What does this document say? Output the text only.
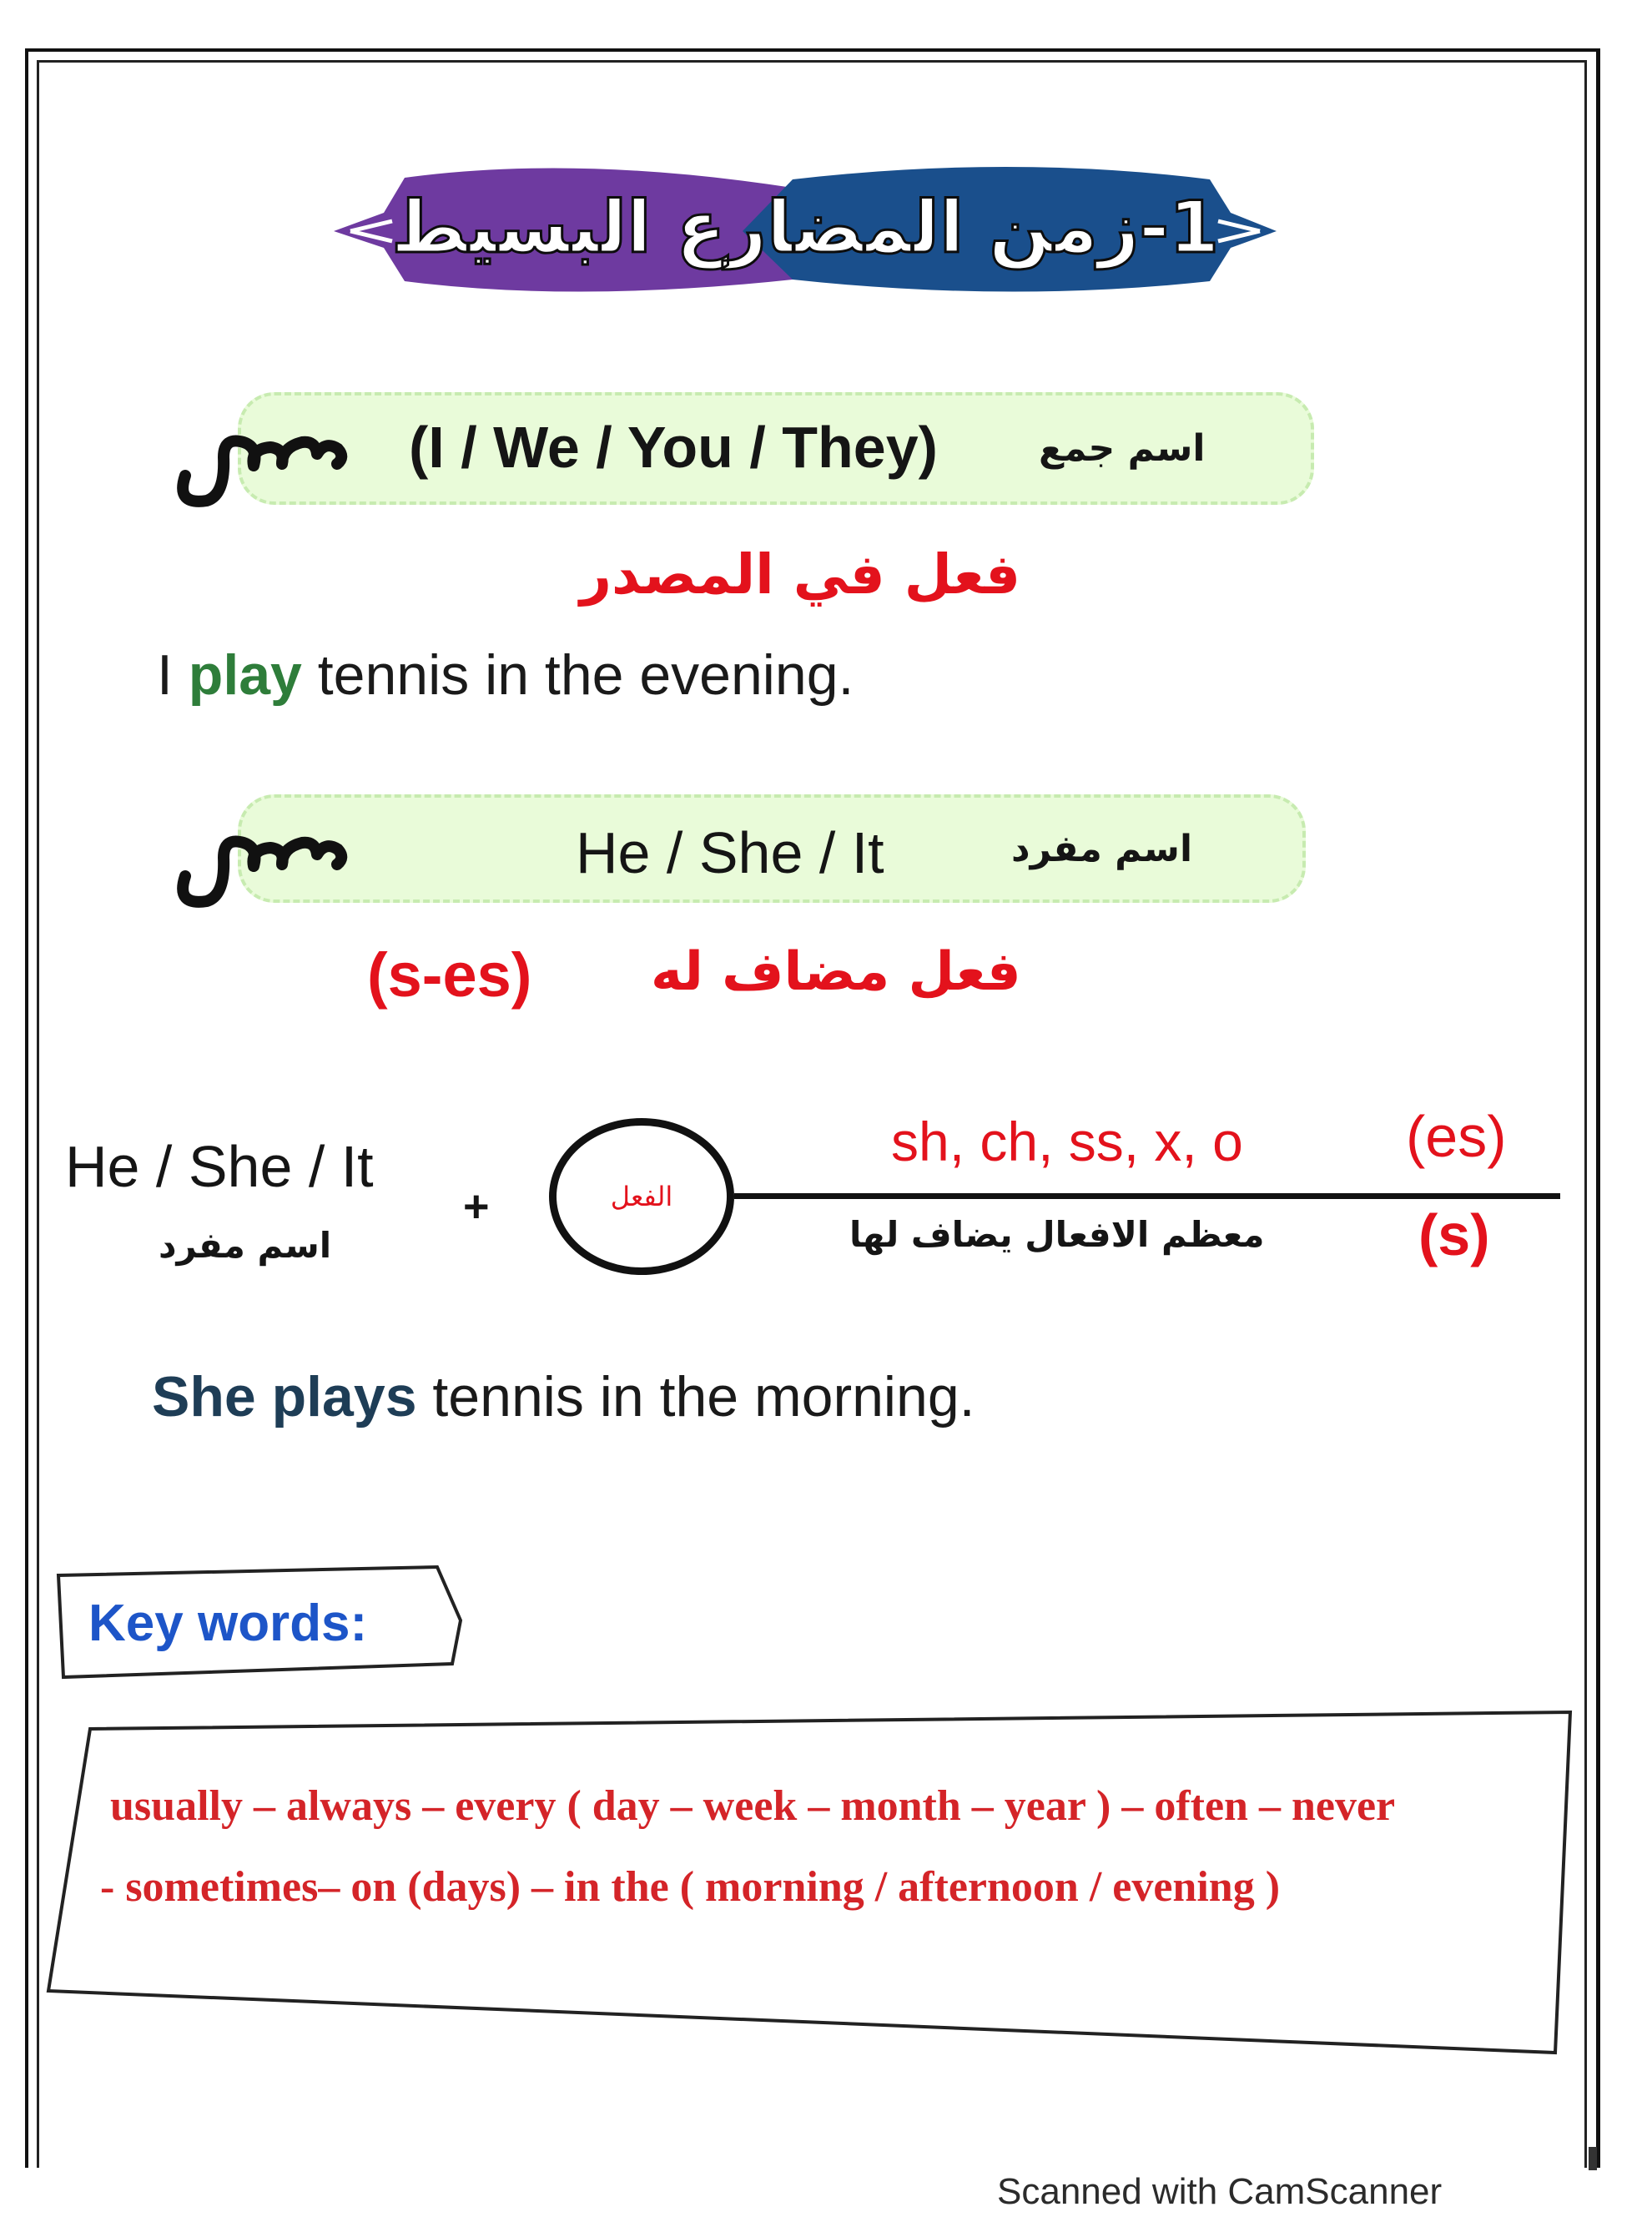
1-زمن المضارع البسيط
(I / We / You / They)	اسم جمع
فعل في المصدر
I play tennis in the evening.
He / She / It	اسم مفرد
فعل مضاف له
(s-es)
He / She / It
اسم مفرد
+	الفعل
sh, ch, ss, x, o	(es)
معظم الافعال يضاف لها	(s)
She plays tennis in the morning.
Key words:
usually – always – every ( day – week – month – year ) – often – never
- sometimes– on (days) – in the ( morning / afternoon / evening )
Scanned with CamScanner
